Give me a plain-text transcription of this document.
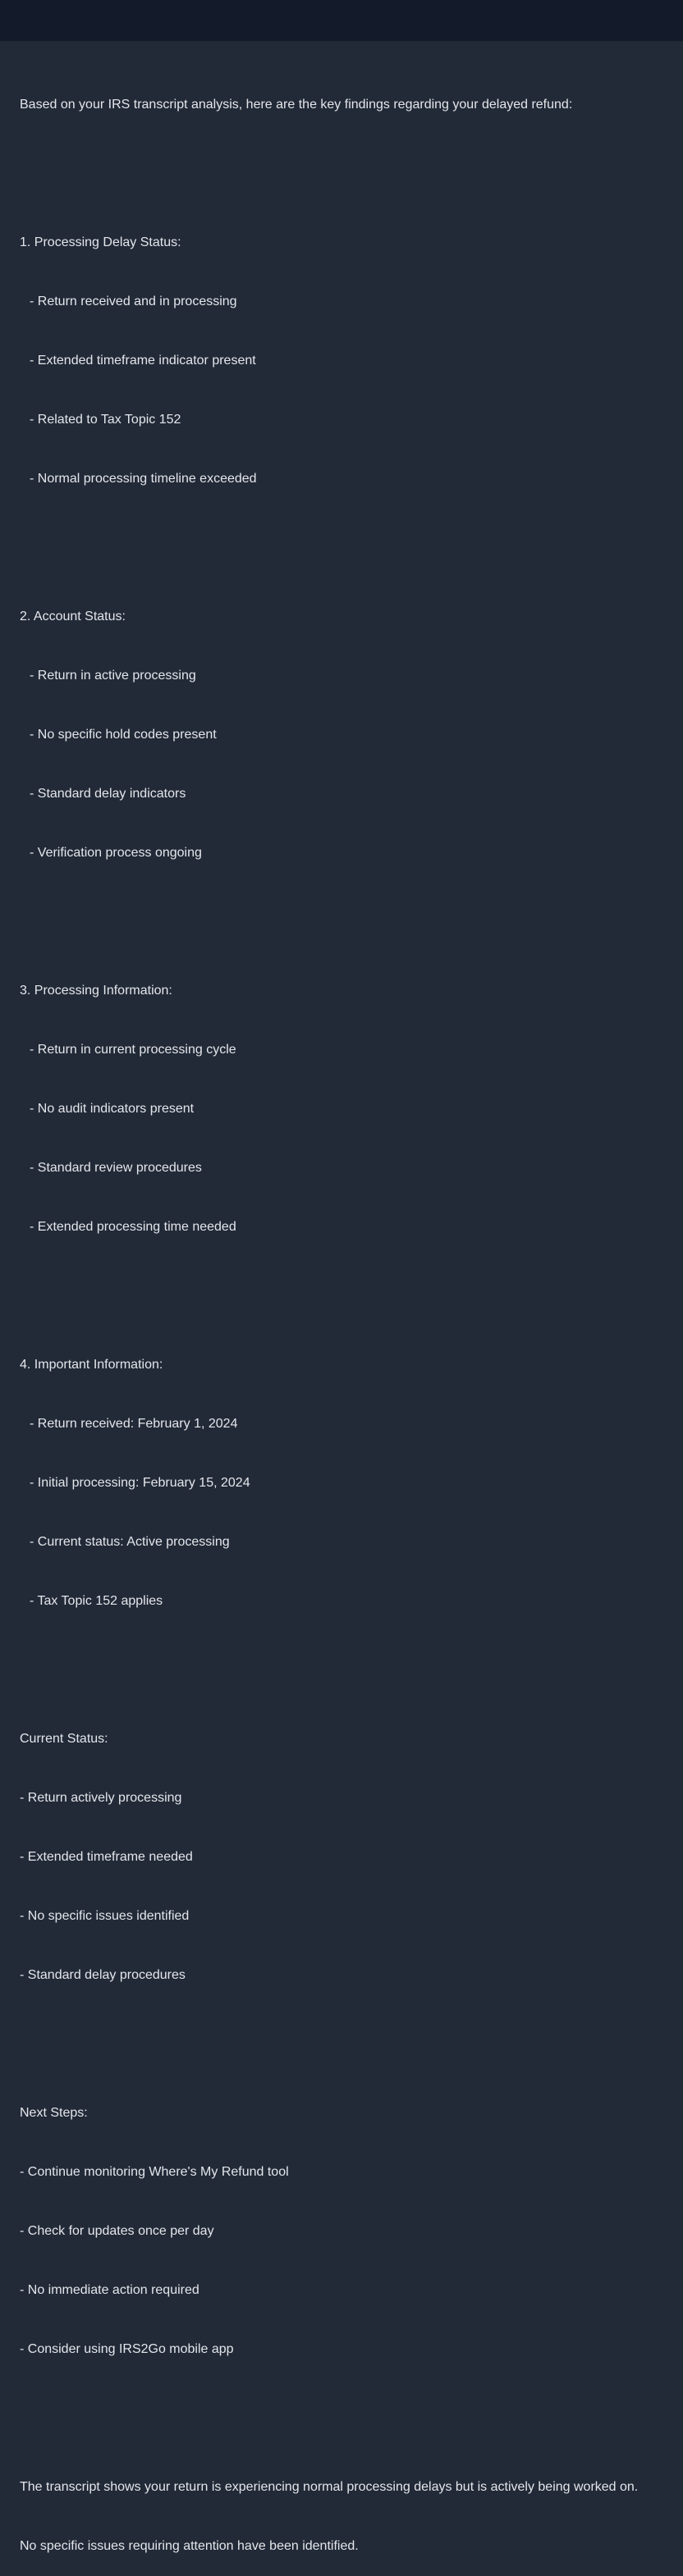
Based on your IRS transcript analysis, here are the key findings regarding your delayed refund:

1. Processing Delay Status:

- Return received and in processing

- Extended timeframe indicator present

- Related to Tax Topic 152

- Normal processing timeline exceeded

2. Account Status:

- Return in active processing

- No specific hold codes present

- Standard delay indicators

- Verification process ongoing

3. Processing Information:

- Return in current processing cycle

- No audit indicators present

- Standard review procedures

- Extended processing time needed

4. Important Information:

- Return received: February 1, 2024

- Initial processing: February 15, 2024

- Current status: Active processing

- Tax Topic 152 applies

Current Status:

- Return actively processing

- Extended timeframe needed

- No specific issues identified

- Standard delay procedures

Next Steps:

- Continue monitoring Where's My Refund tool

- Check for updates once per day

- No immediate action required

- Consider using IRS2Go mobile app

The transcript shows your return is experiencing normal processing delays but is actively being worked on.

No specific issues requiring attention have been identified.
